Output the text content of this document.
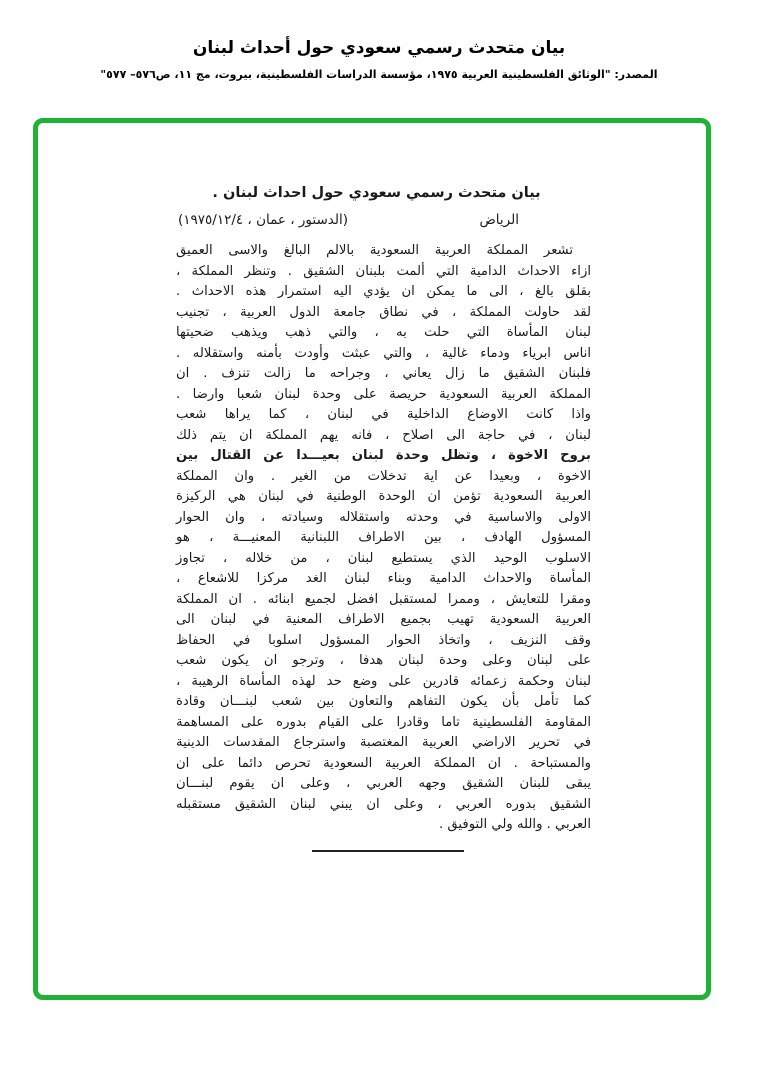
بيان متحدث رسمي سعودي حول أحداث لبنان
المصدر: "الوثائق الفلسطينية العربية ١٩٧٥، مؤسسة الدراسات الفلسطينية، بيروت، مج ١١، ص٥٧٦– ٥٧٧"
بيان متحدث رسمي سعودي حول احداث لبنان .
الرياض
(الدستور ، عمان ، ١٩٧٥/١٢/٤)
تشعر المملكة العربية السعودية بالالم البالغ والاسى العميق
ازاء الاحداث الدامية التي ألمت بلبنان الشقيق . وتنظر المملكة ،
بقلق بالغ ، الى ما يمكن ان يؤدي اليه استمرار هذه الاحداث .
لقد حاولت المملكة ، في نطاق جامعة الدول العربية ، تجنيب
لبنان المأساة التي حلت به ، والتي ذهب ويذهب ضحيتها
اناس ابرياء ودماء غالية ، والتي عبثت وأودت بأمنه واستقلاله .
فلبنان الشقيق ما زال يعاني ، وجراحه ما زالت تنزف . ان
المملكة العربية السعودية حريصة على وحدة لبنان شعبا وارضا .
واذا كانت الاوضاع الداخلية في لبنان ، كما يراها شعب
لبنان ، في حاجة الى اصلاح ، فانه يهم المملكة ان يتم ذلك
بروح الاخوة ، وتظل وحدة لبنان بعيـــدا عن القتال بين
الاخوة ، وبعيدا عن اية تدخلات من الغير . وان المملكة
العربية السعودية تؤمن ان الوحدة الوطنية في لبنان هي الركيزة
الاولى والاساسية في وحدته واستقلاله وسيادته ، وان الحوار
المسؤول الهادف ، بين الاطراف اللبنانية المعنيـــة ، هو
الاسلوب الوحيد الذي يستطيع لبنان ، من خلاله ، تجاوز
المأساة والاحداث الدامية وبناء لبنان الغد مركزا للاشعاع ،
ومقرا للتعايش ، وممرا لمستقبل افضل لجميع ابنائه . ان المملكة
العربية السعودية تهيب بجميع الاطراف المعنية في لبنان الى
وقف النزيف ، واتخاذ الحوار المسؤول اسلوبا في الحفاظ
على لبنان وعلى وحدة لبنان هدفا ، وترجو ان يكون شعب
لبنان وحكمة زعمائه قادرين على وضع حد لهذه المأساة الرهيبة ،
كما تأمل بأن يكون التفاهم والتعاون بين شعب لبنـــان وقادة
المقاومة الفلسطينية تاما وقادرا على القيام بدوره على المساهمة
في تحرير الاراضي العربية المغتصبة واسترجاع المقدسات الدينية
والمستباحة . ان المملكة العربية السعودية تحرص دائما على ان
يبقى للبنان الشقيق وجهه العربي ، وعلى ان يقوم لبنـــان
الشقيق بدوره العربي ، وعلى ان يبني لبنان الشقيق مستقبله
العربي . والله ولي التوفيق .
